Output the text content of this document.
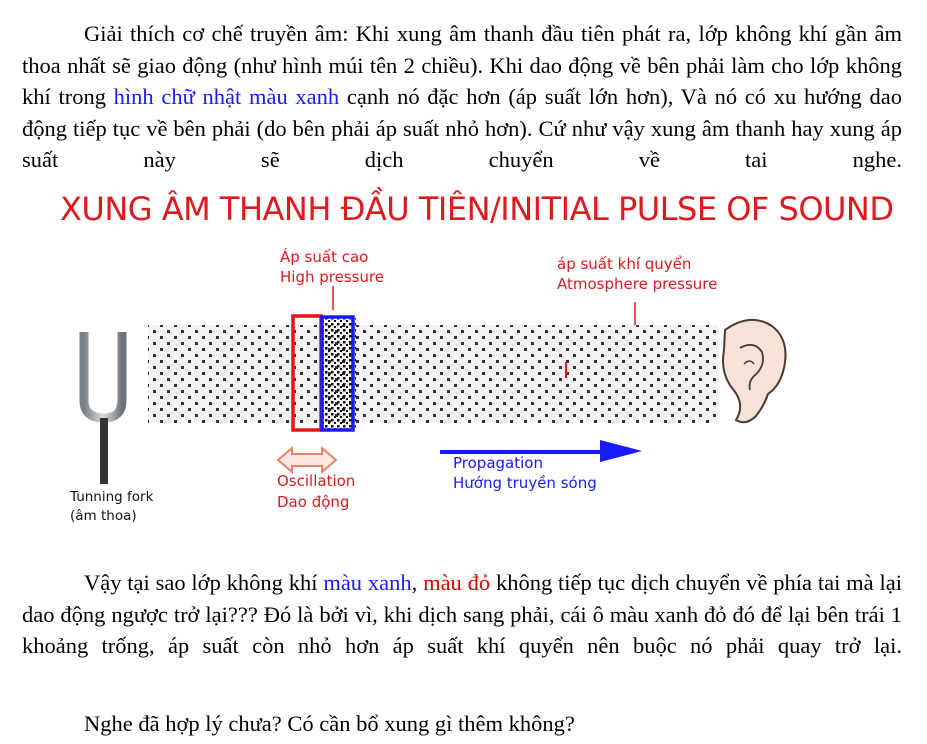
Giải thích cơ chế truyền âm: Khi xung âm thanh đầu tiên phát ra, lớp không khí gần âm thoa nhất sẽ giao động (như hình múi tên 2 chiều). Khi dao động về bên phải làm cho lớp không khí trong hình chữ nhật màu xanh cạnh nó đặc hơn (áp suất lớn hơn), Và nó có xu hướng dao động tiếp tục về bên phải (do bên phải áp suất nhỏ hơn). Cứ như vậy xung âm thanh hay xung áp suất này sẽ dịch chuyển về tai nghe.

XUNG ÂM THANH ĐẦU TIÊN/INITIAL PULSE OF SOUND
Áp suất cao
High pressure
áp suất khí quyển
Atmosphere pressure
Propagation
Hướng truyền sóng
Oscillation
Dao động
Tunning fork
(âm thoa)

Vậy tại sao lớp không khí màu xanh, màu đỏ không tiếp tục dịch chuyển về phía tai mà lại dao động ngược trở lại??? Đó là bởi vì, khi dịch sang phải, cái ô màu xanh đỏ đó để lại bên trái 1 khoảng trống, áp suất còn nhỏ hơn áp suất khí quyển nên buộc nó phải quay trở lại.

Nghe đã hợp lý chưa? Có cần bổ xung gì thêm không?
